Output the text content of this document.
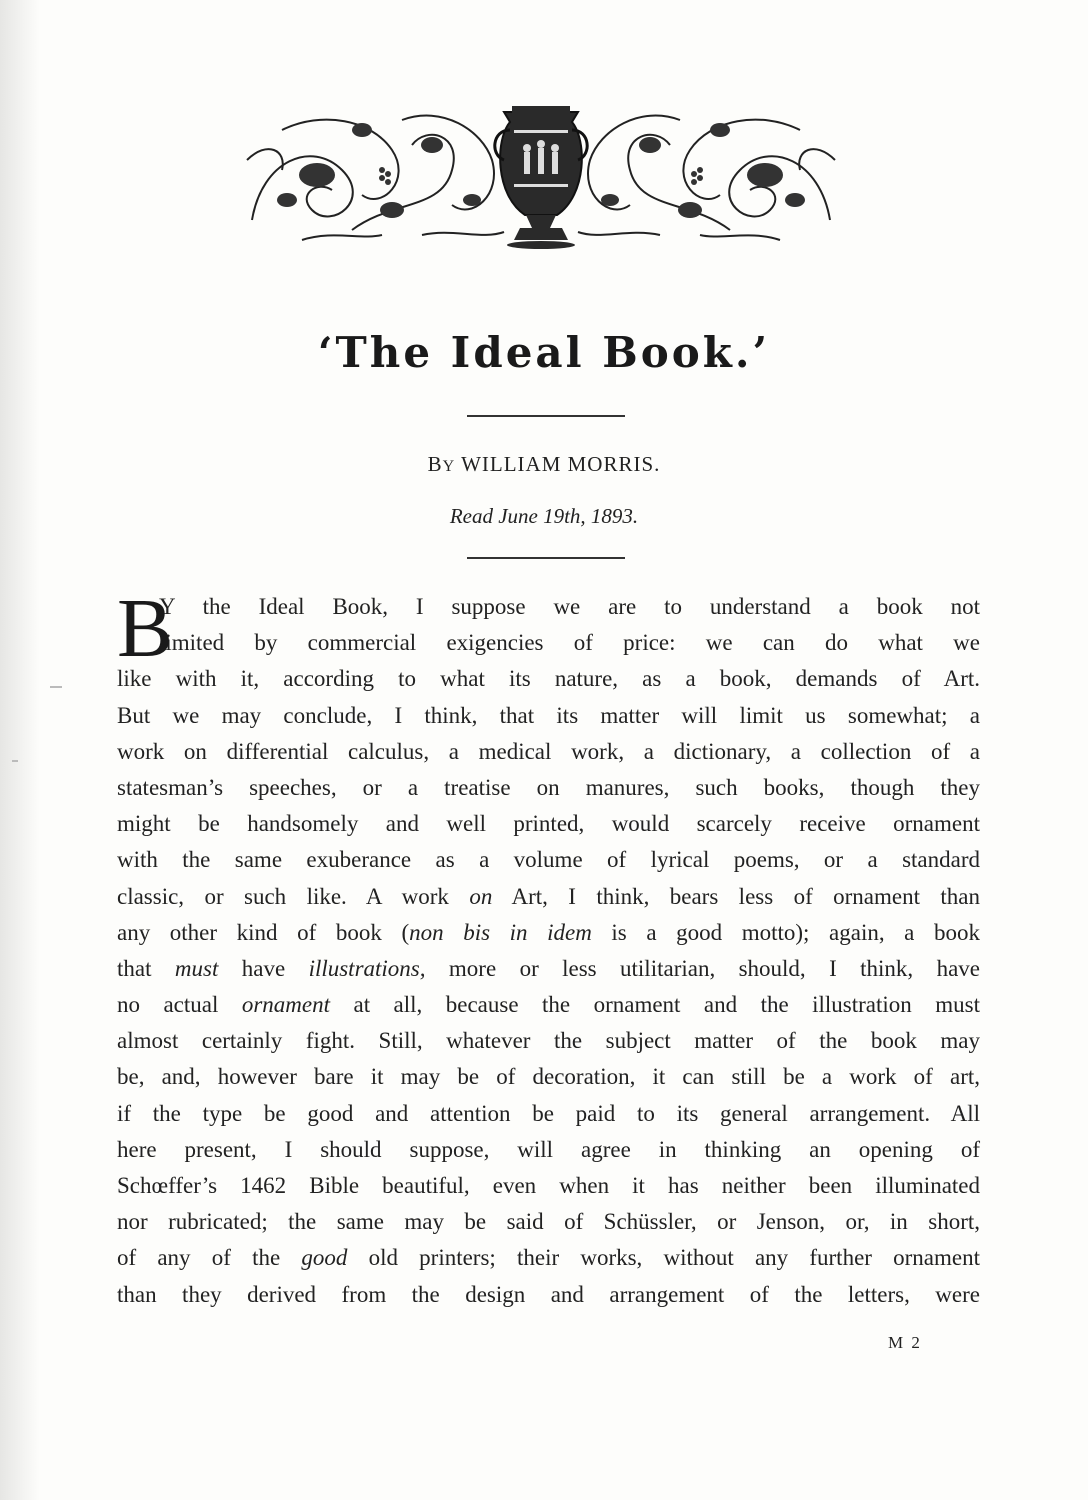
‘The Ideal Book.’
BY WILLIAM MORRIS.
Read June 19th, 1893.
B
Y the Ideal Book, I suppose we are to understand a book not
limited by commercial exigencies of price: we can do what we
like with it, according to what its nature, as a book, demands of Art.
But we may conclude, I think, that its matter will limit us somewhat; a
work on differential calculus, a medical work, a dictionary, a collection of a
statesman’s speeches, or a treatise on manures, such books, though they
might be handsomely and well printed, would scarcely receive ornament
with the same exuberance as a volume of lyrical poems, or a standard
classic, or such like. A work on Art, I think, bears less of ornament than
any other kind of book (non bis in idem is a good motto); again, a book
that must have illustrations, more or less utilitarian, should, I think, have
no actual ornament at all, because the ornament and the illustration must
almost certainly fight. Still, whatever the subject matter of the book may
be, and, however bare it may be of decoration, it can still be a work of art,
if the type be good and attention be paid to its general arrangement. All
here present, I should suppose, will agree in thinking an opening of
Schœffer’s 1462 Bible beautiful, even when it has neither been illuminated
nor rubricated; the same may be said of Schüssler, or Jenson, or, in short,
of any of the good old printers; their works, without any further ornament
than they derived from the design and arrangement of the letters, were
M 2
